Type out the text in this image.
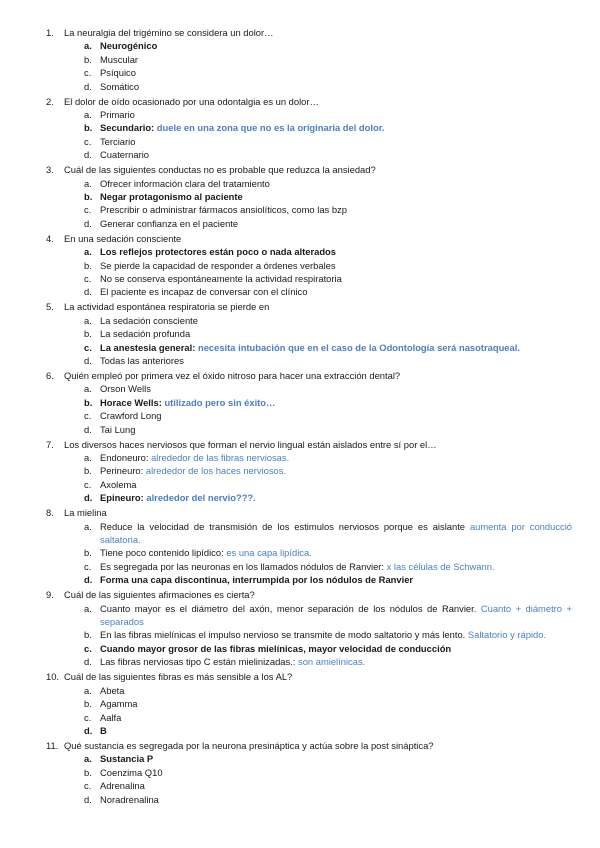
1. La neuralgia del trigémino se considera un dolor…
a. Neurogénico
b. Muscular
c. Psíquico
d. Somático
2. El dolor de oído ocasionado por una odontalgia es un dolor…
a. Primario
b. Secundario: duele en una zona que no es la originaria del dolor.
c. Terciario
d. Cuaternario
3. Cuál de las siguientes conductas no es probable que reduzca la ansiedad?
a. Ofrecer información clara del tratamiento
b. Negar protagonismo al paciente
c. Prescribir o administrar fármacos ansiolíticos, como las bzp
d. Generar confianza en el paciente
4. En una sedación consciente
a. Los reflejos protectores están poco o nada alterados
b. Se pierde la capacidad de responder a órdenes verbales
c. No se conserva espontáneamente la actividad respiratoria
d. El paciente es incapaz de conversar con el clínico
5. La actividad espontánea respiratoria se pierde en
a. La sedación consciente
b. La sedación profunda
c. La anestesia general: necesita intubación que en el caso de la Odontología será nasotraqueal.
d. Todas las anteriores
6. Quién empleó por primera vez el óxido nitroso para hacer una extracción dental?
a. Orson Wells
b. Horace Wells: utilizado pero sin éxito…
c. Crawford Long
d. Tai Lung
7. Los diversos haces nerviosos que forman el nervio lingual están aislados entre sí por el…
a. Endoneuro: alrededor de las fibras nerviosas.
b. Perineuro: alrededor de los haces nerviosos.
c. Axolema
d. Epineuro: alrededor del nervio???.
8. La mielina
a. Reduce la velocidad de transmisión de los estimulos nerviosos porque es aislante aumenta por conducció saltatoria.
b. Tiene poco contenido lipídico: es una capa lipídica.
c. Es segregada por las neuronas en los llamados nódulos de Ranvier: x las células de Schwann.
d. Forma una capa discontinua, interrumpida por los nódulos de Ranvier
9. Cuál de las siguientes afirmaciones es cierta?
a. Cuanto mayor es el diámetro del axón, menor separación de los nódulos de Ranvier. Cuanto + diámetro + separados
b. En las fibras mielínicas el impulso nervioso se transmite de modo saltatorio y más lento. Saltatorio y rápido.
c. Cuando mayor grosor de las fibras mielínicas, mayor velocidad de conducción
d. Las fibras nerviosas tipo C están mielinizadas.: son amielínicas.
10. Cuál de las siguientes fibras es más sensible a los AL?
a. Abeta
b. Agamma
c. Aalfa
d. B
11. Qué sustancia es segregada por la neurona presináptica y actúa sobre la post sináptica?
a. Sustancia P
b. Coenzima Q10
c. Adrenalina
d. Noradrenalina
